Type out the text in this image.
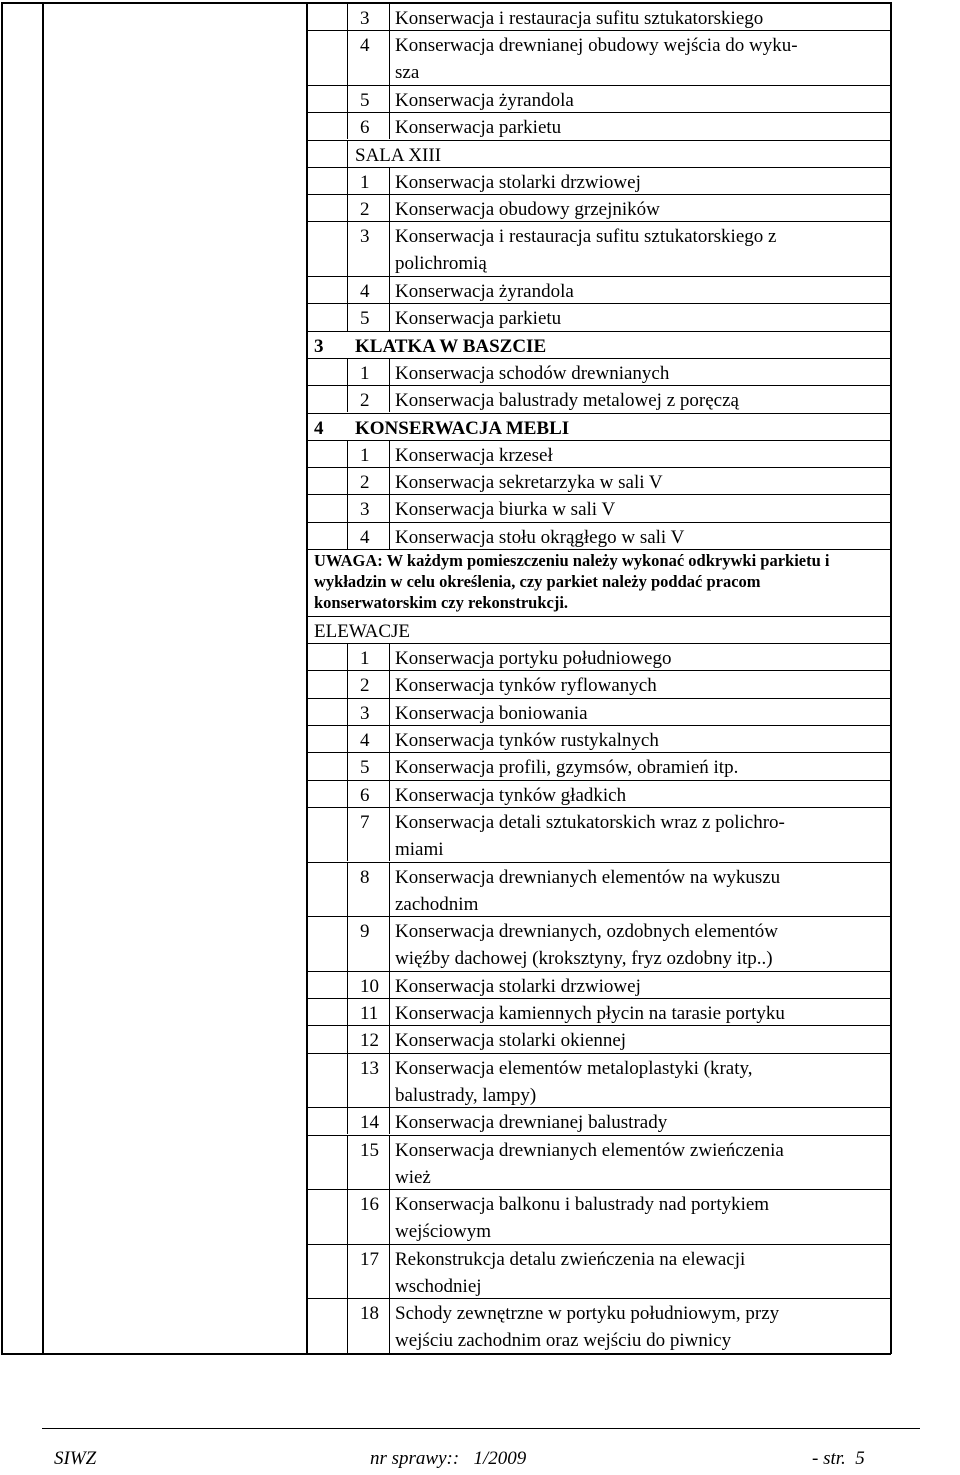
SIWZ	nr sprawy::   1/2009	- str.  5
3 Konserwacja i restauracja sufitu sztukatorskiego
4 Konserwacja drewnianej obudowy wejścia do wyku-
sza
5 Konserwacja żyrandola
6 Konserwacja parkietu
SALA XIII
1 Konserwacja stolarki drzwiowej
2 Konserwacja obudowy grzejników
3 Konserwacja i restauracja sufitu sztukatorskiego z
polichromią
4 Konserwacja żyrandola
5 Konserwacja parkietu
3	KLATKA W BASZCIE
1 Konserwacja schodów drewnianych
2 Konserwacja balustrady metalowej z poręczą
4	KONSERWACJA MEBLI
1 Konserwacja krzeseł
2 Konserwacja sekretarzyka w sali V
3 Konserwacja biurka w sali V
4 Konserwacja stołu okrągłego w sali V
UWAGA: W każdym pomieszczeniu należy wykonać odkrywki parkietu i wykładzin w celu określenia, czy parkiet należy poddać pracom konserwatorskim czy rekonstrukcji.
ELEWACJE
1 Konserwacja portyku południowego
2 Konserwacja tynków ryflowanych
3 Konserwacja boniowania
4 Konserwacja tynków rustykalnych
5 Konserwacja profili, gzymsów, obramień itp.
6 Konserwacja tynków gładkich
7 Konserwacja detali sztukatorskich wraz z polichro-
miami
8 Konserwacja drewnianych elementów na wykuszu
zachodnim
9 Konserwacja drewnianych, ozdobnych elementów
więźby dachowej (kroksztyny, fryz ozdobny itp..)
10 Konserwacja stolarki drzwiowej
11 Konserwacja kamiennych płycin na tarasie portyku
12 Konserwacja stolarki okiennej
13 Konserwacja elementów metaloplastyki (kraty,
balustrady, lampy)
14 Konserwacja drewnianej balustrady
15 Konserwacja drewnianych elementów zwieńczenia
wież
16 Konserwacja balkonu i balustrady nad portykiem
wejściowym
17 Rekonstrukcja detalu zwieńczenia na elewacji
wschodniej
18 Schody zewnętrzne w portyku południowym, przy
wejściu zachodnim oraz wejściu do piwnicy
